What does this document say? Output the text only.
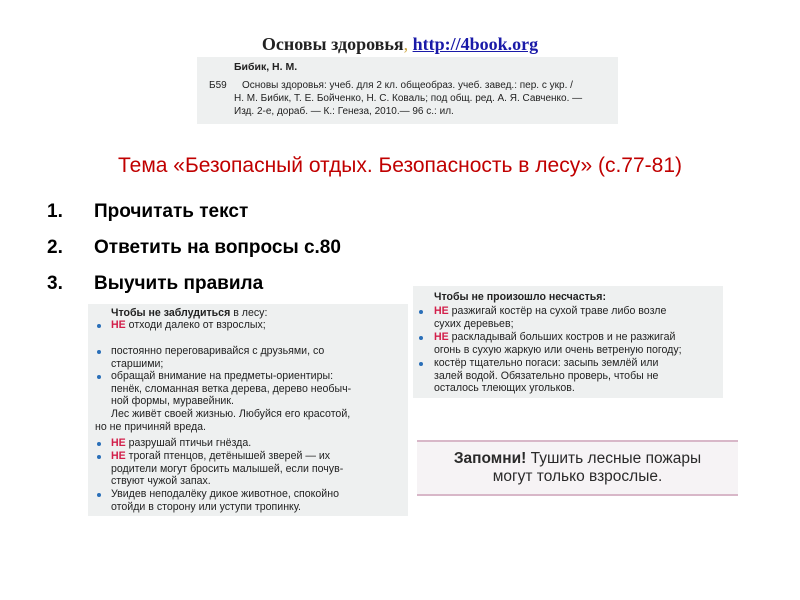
Основы здоровья, http://4book.org
Бибик, Н. М.
Б59 Основы здоровья: учеб. для 2 кл. общеобраз. учеб. завед.: пер. с укр. /
Н. М. Бибик, Т. Е. Бойченко, Н. С. Коваль; под общ. ред. А. Я. Савченко. —
Изд. 2-е, дораб. — К.: Генеза, 2010.— 96 с.: ил.
Тема «Безопасный отдых. Безопасность в лесу» (с.77-81)
1. Прочитать текст
2. Ответить на вопросы с.80
3. Выучить правила
Чтобы не заблудиться в лесу:
НЕ отходи далеко от взрослых;
постоянно переговаривайся с друзьями, со
старшими;
обращай внимание на предметы-ориентиры:
пенёк, сломанная ветка дерева, дерево необыч-
ной формы, муравейник.
Лес живёт своей жизнью. Любуйся его красотой,
но не причиняй вреда.
НЕ разрушай птичьи гнёзда.
НЕ трогай птенцов, детёнышей зверей — их
родители могут бросить малышей, если почув-
ствуют чужой запах.
Увидев неподалёку дикое животное, спокойно
отойди в сторону или уступи тропинку.
Чтобы не произошло несчастья:
НЕ разжигай костёр на сухой траве либо возле
сухих деревьев;
НЕ раскладывай больших костров и не разжигай
огонь в сухую жаркую или очень ветреную погоду;
костёр тщательно погаси: засыпь землёй или
залей водой. Обязательно проверь, чтобы не
осталось тлеющих угольков.
Запомни! Тушить лесные пожары
могут только взрослые.
